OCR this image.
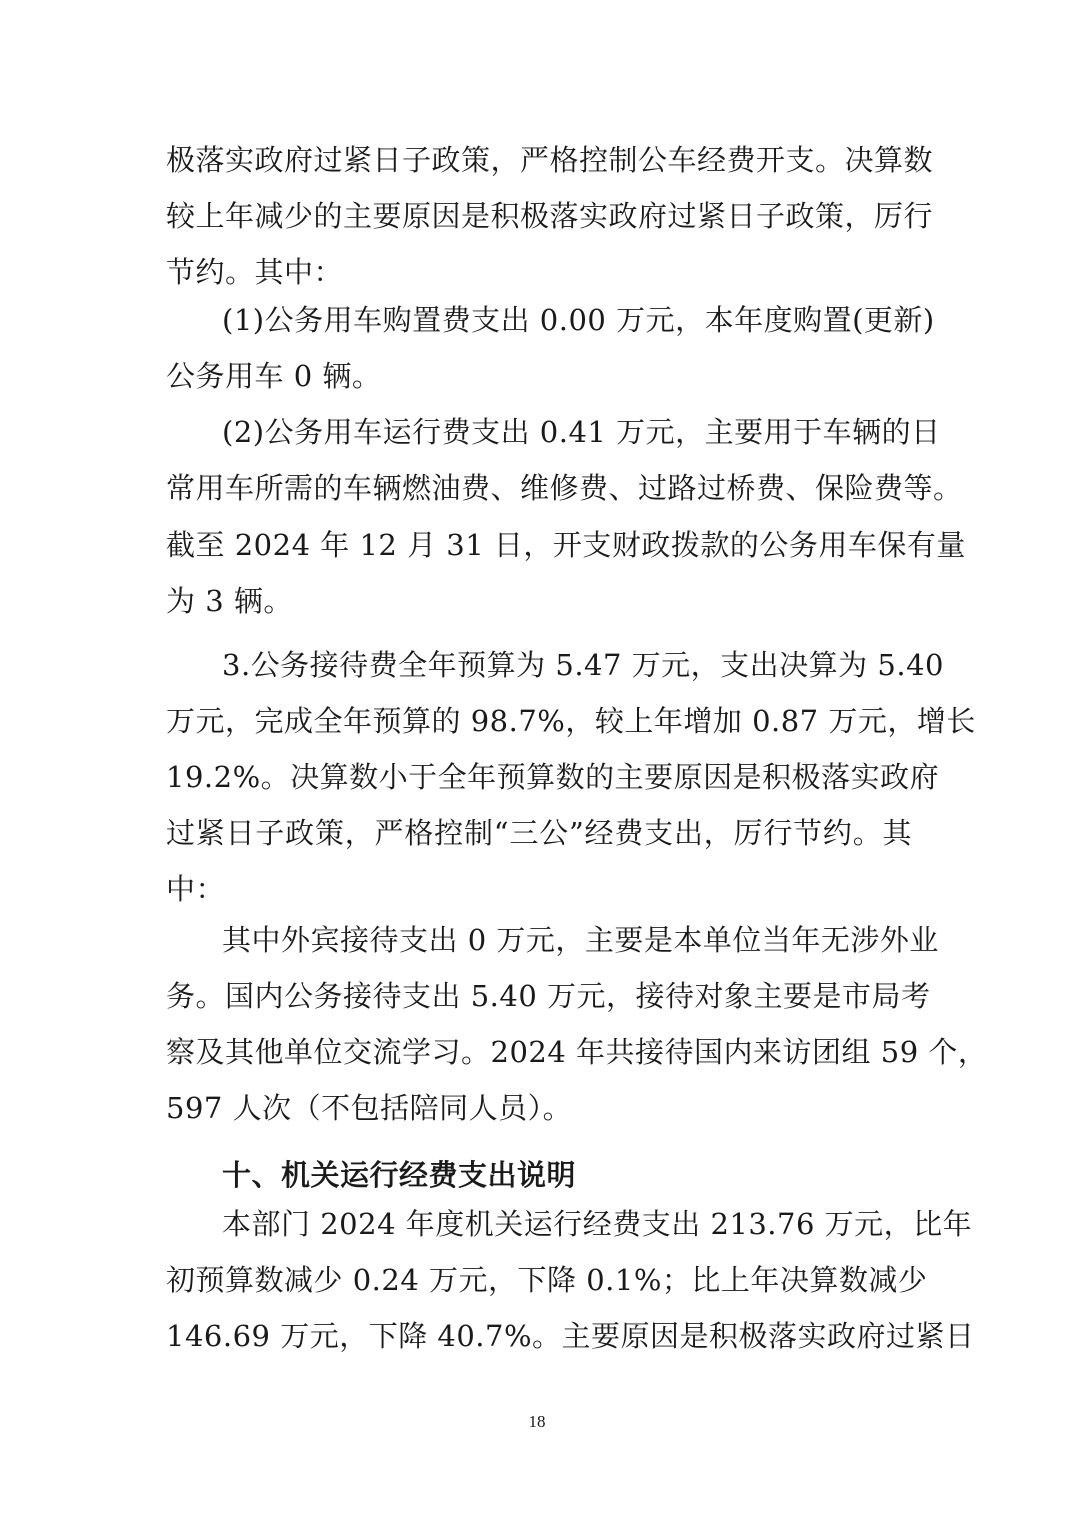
极落实政府过紧日子政策，严格控制公车经费开支。决算数
较上年减少的主要原因是积极落实政府过紧日子政策，厉行
节约。其中：
(1)公务用车购置费支出 0.00 万元，本年度购置(更新)
公务用车 0 辆。
(2)公务用车运行费支出 0.41 万元，主要用于车辆的日
常用车所需的车辆燃油费、维修费、过路过桥费、保险费等。
截至 2024 年 12 月 31 日，开支财政拨款的公务用车保有量
为 3 辆。
3.公务接待费全年预算为 5.47 万元，支出决算为 5.40
万元，完成全年预算的 98.7%，较上年增加 0.87 万元，增长
19.2%。决算数小于全年预算数的主要原因是积极落实政府
过紧日子政策，严格控制“三公”经费支出，厉行节约。其
中：
其中外宾接待支出 0 万元，主要是本单位当年无涉外业
务。国内公务接待支出 5.40 万元，接待对象主要是市局考
察及其他单位交流学习。2024 年共接待国内来访团组 59 个，
597 人次（不包括陪同人员）。
十、机关运行经费支出说明
本部门 2024 年度机关运行经费支出 213.76 万元，比年
初预算数减少 0.24 万元，下降 0.1%；比上年决算数减少
146.69 万元，下降 40.7%。主要原因是积极落实政府过紧日
18
